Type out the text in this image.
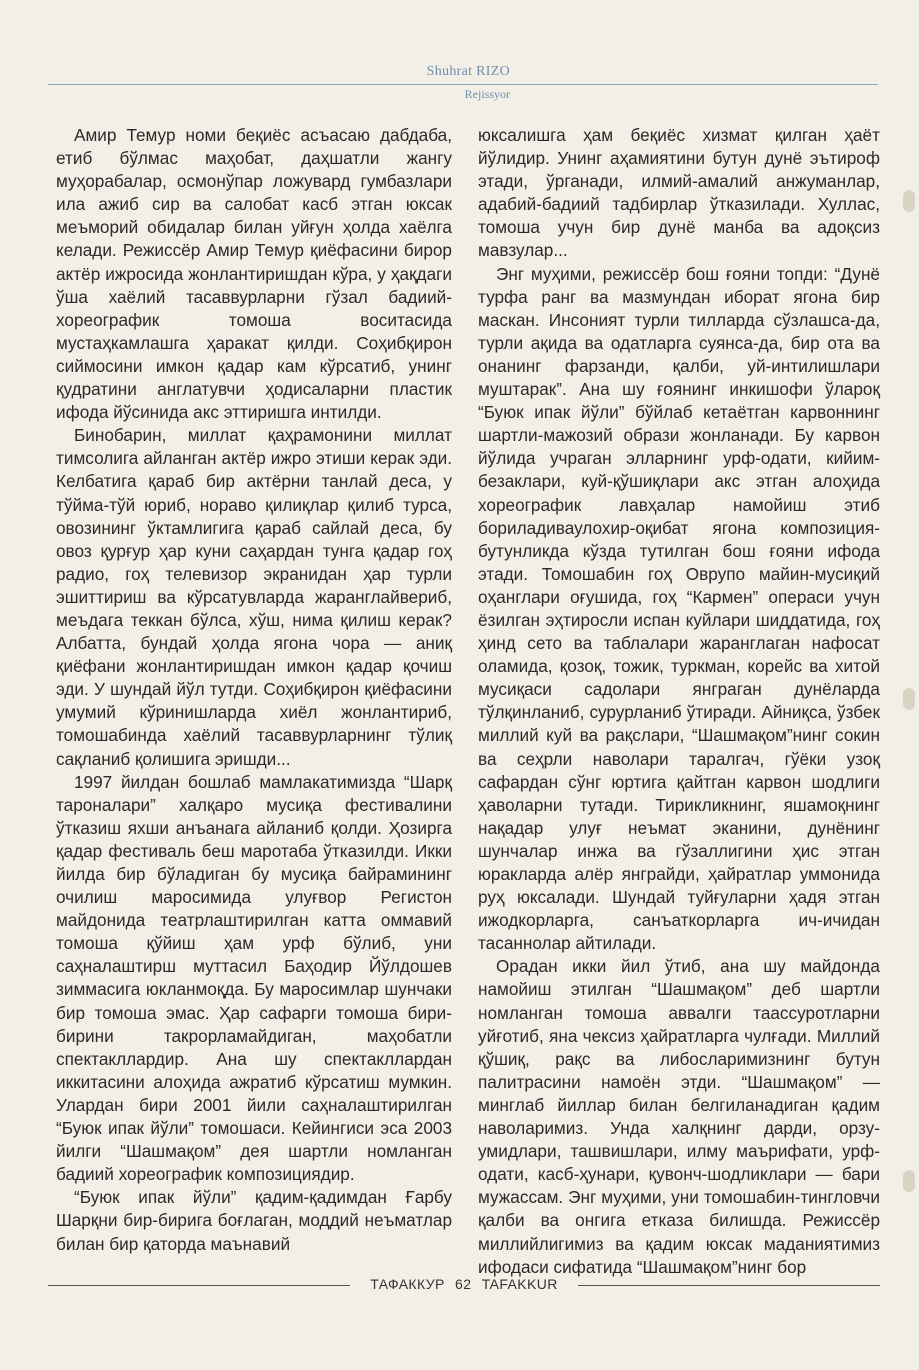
Shuhrat RIZO
Rejissyor

Амир Темур номи беқиёс асъасаю дабдаба, етиб бўлмас маҳобат, даҳшатли жангу муҳорабалар, осмонўпар ложувард гумбазлари ила ажиб сир ва салобат касб этган юксак меъморий обидалар билан уйғун ҳолда хаёлга келади. Режиссёр Амир Темур қиёфасини бирор актёр ижросида жонлантиришдан кўра, у ҳақдаги ўша хаёлий тасаввурларни гўзал бадиий-хореографик томоша воситасида мустаҳкамлашга ҳаракат қилди. Соҳибқирон сиймосини имкон қадар кам кўрсатиб, унинг қудратини англатувчи ҳодисаларни пластик ифода йўсинида акс эттиришга интилди.

Бинобарин, миллат қаҳрамонини миллат тимсолига айланган актёр ижро этиши керак эди. Келбатига қараб бир актёрни танлай деса, у тўйма-тўй юриб, нораво қилиқлар қилиб турса, овозининг ўктамлигига қараб сайлай деса, бу овоз қурғур ҳар куни саҳардан тунга қадар гоҳ радио, гоҳ телевизор экранидан ҳар турли эшиттириш ва кўрсатувларда жаранглайвериб, меъдага теккан бўлса, хўш, нима қилиш керак? Албатта, бундай ҳолда ягона чора — аниқ қиёфани жонлантиришдан имкон қадар қочиш эди. У шундай йўл тутди. Соҳибқирон қиёфасини умумий кўринишларда хиёл жонлантириб, томошабинда хаёлий тасаввурларнинг тўлиқ сақланиб қолишига эришди...

1997 йилдан бошлаб мамлакатимизда “Шарқ тароналари” халқаро мусиқа фестивалини ўтказиш яхши анъанага айланиб қолди. Ҳозирга қадар фестиваль беш маротаба ўтказилди. Икки йилда бир бўладиган бу мусиқа байрамининг очилиш маросимида улуғвор Регистон майдонида театрлаштирилган катта оммавий томоша қўйиш ҳам урф бўлиб, уни саҳналаштирш муттасил Баҳодир Йўлдошев зиммасига юкланмоқда. Бу маросимлар шунчаки бир томоша эмас. Ҳар сафарги томоша бири-бирини такрорламайдиган, маҳобатли спектакллардир. Ана шу спектакллардан иккитасини алоҳида ажратиб кўрсатиш мумкин. Улардан бири 2001 йили саҳналаштирилган “Буюк ипак йўли” томошаси. Кейингиси эса 2003 йилги “Шашмақом” дея шартли номланган бадиий хореографик композициядир.

“Буюк ипак йўли” қадим-қадимдан Ғарбу Шарқни бир-бирига боғлаган, моддий неъматлар билан бир қаторда маънавий

юксалишга ҳам беқиёс хизмат қилган ҳаёт йўлидир. Унинг аҳамиятини бутун дунё эътироф этади, ўрганади, илмий-амалий анжуманлар, адабий-бадиий тадбирлар ўтказилади. Хуллас, томоша учун бир дунё манба ва адоқсиз мавзулар...

Энг муҳими, режиссёр бош ғояни топди: “Дунё турфа ранг ва мазмундан иборат ягона бир маскан. Инсоният турли тилларда сўзлашса-да, турли ақида ва одатларга суянса-да, бир ота ва онанинг фарзанди, қалби, уй-интилишлари муштарак”. Ана шу ғоянинг инкишофи ўлароқ “Буюк ипак йўли” бўйлаб кетаётган карвоннинг шартли-мажозий образи жонланади. Бу карвон йўлида учраган элларнинг урф-одати, кийим-безаклари, куй-қўшиқлари акс этган алоҳида хореографик лавҳалар намойиш этиб бориладиваулохир-оқибат ягона композиция-бутунликда кўзда тутилган бош ғояни ифода этади. Томошабин гоҳ Оврупо майин-мусиқий оҳанглари оғушида, гоҳ “Кармен” операси учун ёзилган эҳтиросли испан куйлари шиддатида, гоҳ ҳинд сето ва таблалари жаранглаган нафосат оламида, қозоқ, тожик, туркман, корейс ва хитой мусиқаси садолари янграган дунёларда тўлқинланиб, сурурланиб ўтиради. Айниқса, ўзбек миллий куй ва рақслари, “Шашмақом”нинг сокин ва сеҳрли наволари таралгач, гўёки узоқ сафардан сўнг юртига қайтган карвон шодлиги ҳаволарни тутади. Тирикликнинг, яшамоқнинг нақадар улуғ неъмат эканини, дунёнинг шунчалар инжа ва гўзаллигини ҳис этган юракларда алёр янграйди, ҳайратлар уммонида руҳ юксалади. Шундай туйғуларни ҳадя этган ижодкорларга, санъаткорларга ич-ичидан тасаннолар айтилади.

Орадан икки йил ўтиб, ана шу майдонда намойиш этилган “Шашмақом” деб шартли номланган томоша аввалги таассуротларни уйғотиб, яна чексиз ҳайратларга чулғади. Миллий қўшиқ, рақс ва либосларимизнинг бутун палитрасини намоён этди. “Шашмақом” — минглаб йиллар билан белгиланадиган қадим наволаримиз. Унда халқнинг дарди, орзу-умидлари, ташвишлари, илму маърифати, урф-одати, касб-ҳунари, қувонч-шодликлари — бари мужассам. Энг муҳими, уни томошабин-тингловчи қалби ва онгига етказа билишда. Режиссёр миллийлигимиз ва қадим юксак маданиятимиз ифодаси сифатида “Шашмақом”нинг бор

ТАФАККУР 62 TAFAKKUR
